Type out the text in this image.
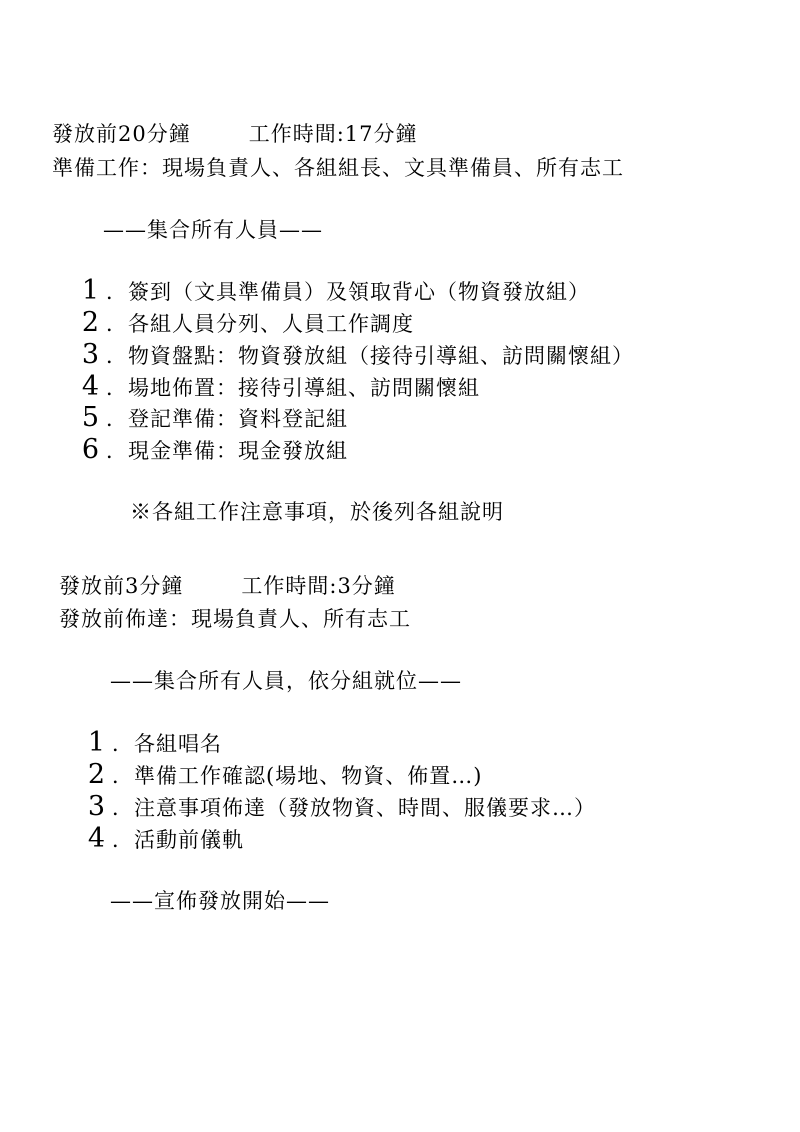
發放前20分鐘	工作時間:17分鐘
準備工作：現場負責人、各組組長、文具準備員、所有志工
——集合所有人員——
1 ．簽到（文具準備員）及領取背心（物資發放組）
2 ．各組人員分列、人員工作調度
3 ．物資盤點：物資發放組（接待引導組、訪問關懷組）
4 ．場地佈置：接待引導組、訪問關懷組
5 ．登記準備：資料登記組
6 ．現金準備：現金發放組
※各組工作注意事項，於後列各組說明
發放前3分鐘	工作時間:3分鐘
發放前佈達：現場負責人、所有志工
——集合所有人員，依分組就位——
1 ．各組唱名
2 ．準備工作確認(場地、物資、佈置…)
3 ．注意事項佈達（發放物資、時間、服儀要求…）
4 ．活動前儀軌
——宣佈發放開始——
